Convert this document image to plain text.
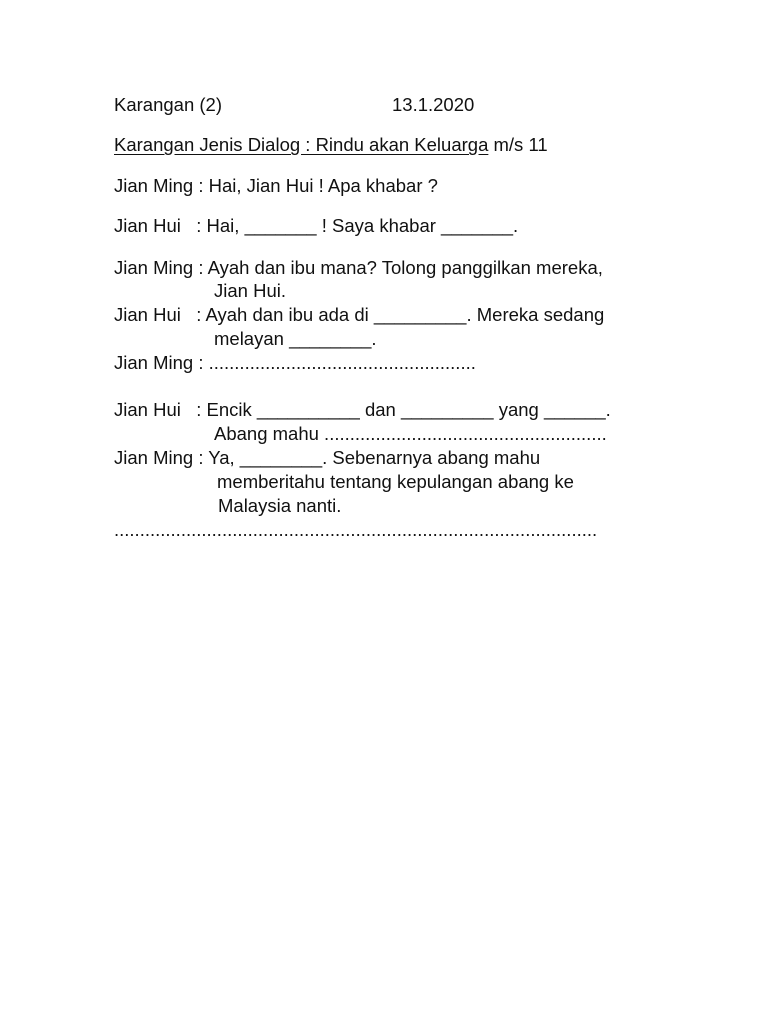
Karangan (2)	13.1.2020
Karangan Jenis Dialog : Rindu akan Keluarga m/s 11
Jian Ming : Hai, Jian Hui ! Apa khabar ?
Jian Hui   : Hai, _______ ! Saya khabar _______.
Jian Ming : Ayah dan ibu mana? Tolong panggilkan mereka,
Jian Hui.
Jian Hui   : Ayah dan ibu ada di _________. Mereka sedang
melayan ________.
Jian Ming : ....................................................
Jian Hui   : Encik __________ dan _________ yang ______.
Abang mahu .......................................................
Jian Ming : Ya, ________. Sebenarnya abang mahu
memberitahu tentang kepulangan abang ke
Malaysia nanti.
..............................................................................................
